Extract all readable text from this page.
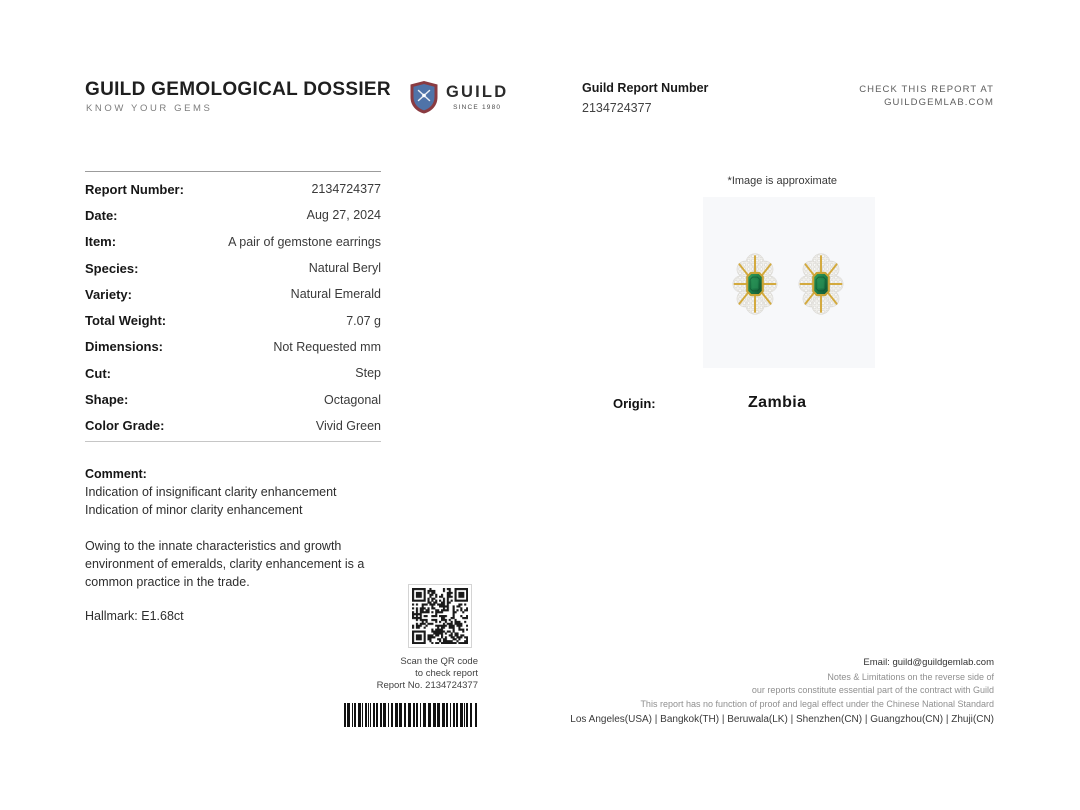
GUILD GEMOLOGICAL DOSSIER
KNOW YOUR GEMS
GUILD
SINCE 1980
Guild Report Number
2134724377
CHECK THIS REPORT AT
GUILDGEMLAB.COM
Report Number:	2134724377
Date:	Aug 27, 2024
Item:	A pair of gemstone earrings
Species:	Natural Beryl
Variety:	Natural Emerald
Total Weight:	7.07 g
Dimensions:	Not Requested mm
Cut:	Step
Shape:	Octagonal
Color Grade:	Vivid Green
Comment:
Indication of insignificant clarity enhancement
Indication of minor clarity enhancement
Owing to the innate characteristics and growth
environment of emeralds, clarity enhancement is a
common practice in the trade.
Hallmark: E1.68ct
*Image is approximate
Origin:	Zambia
Scan the QR code
to check report
Report No. 2134724377
Email: guild@guildgemlab.com
Notes & Limitations on the reverse side of
our reports constitute essential part of the contract with Guild
This report has no function of proof and legal effect under the Chinese National Standard
Los Angeles(USA) | Bangkok(TH) | Beruwala(LK) | Shenzhen(CN) | Guangzhou(CN) | Zhuji(CN)
